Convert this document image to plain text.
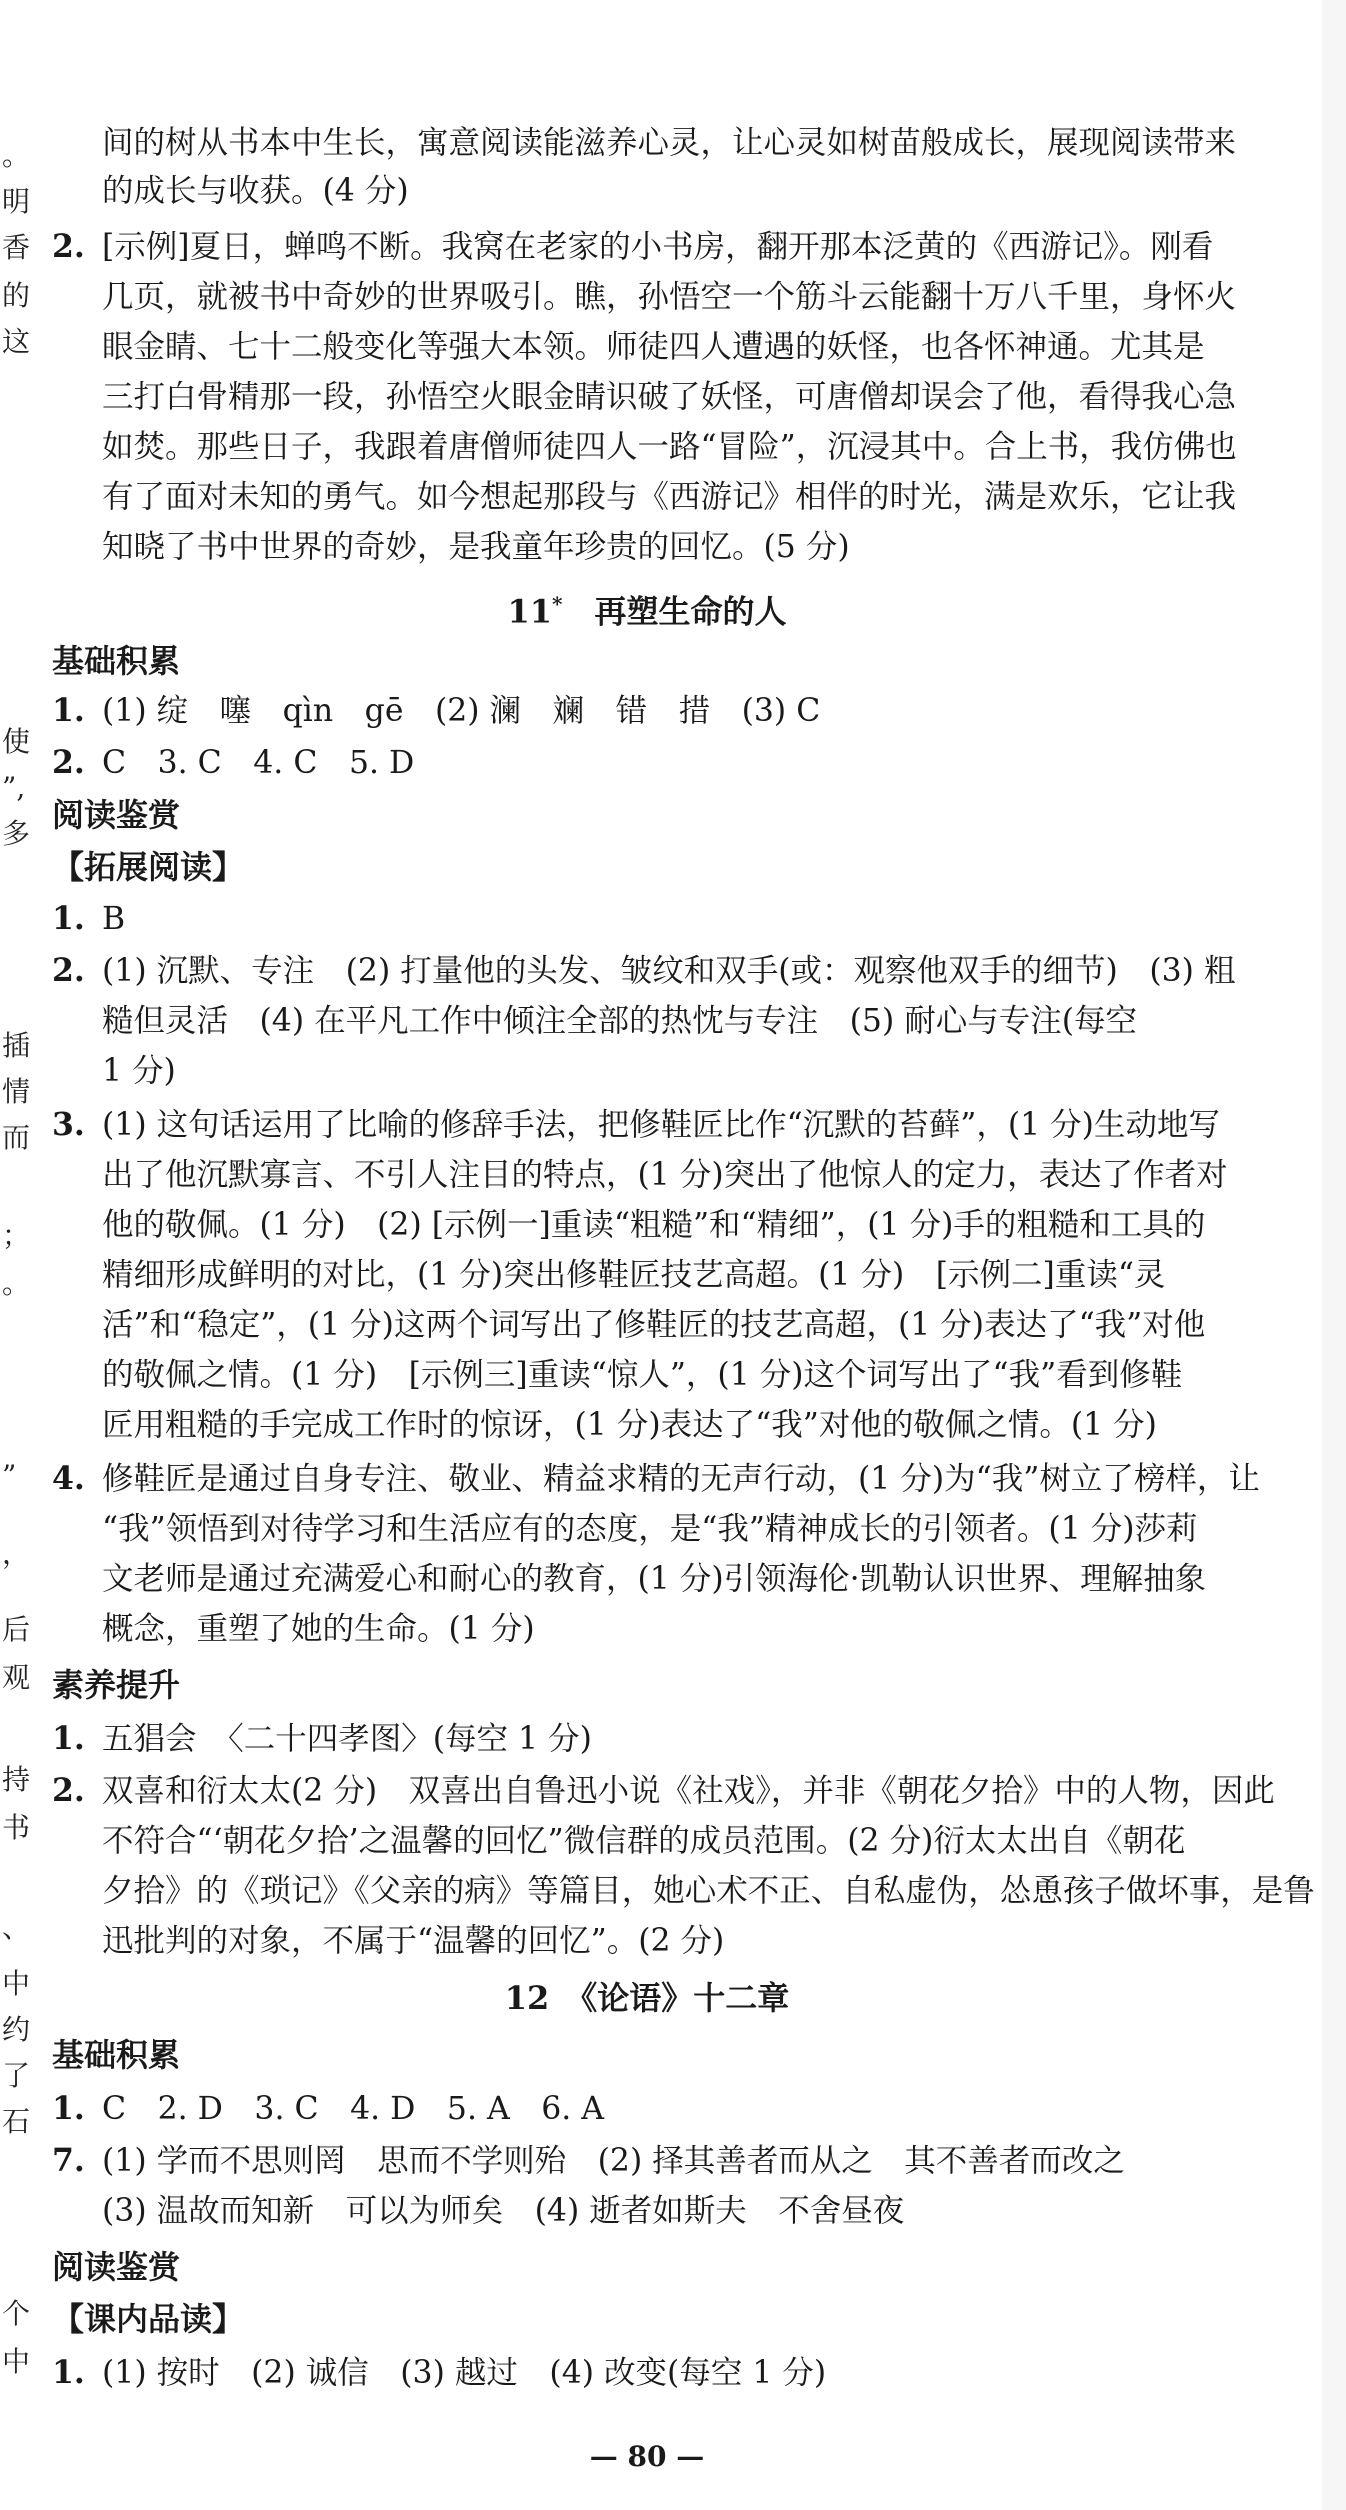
。
明
香
的
这
使
”,
多
插
情
而
；
。
”
，
后
观
持
书
、
中
约
了
石
个
中
间的树从书本中生长，寓意阅读能滋养心灵，让心灵如树苗般成长，展现阅读带来
的成长与收获。(4 分)
2. [示例]夏日，蝉鸣不断。我窝在老家的小书房，翻开那本泛黄的《西游记》。刚看
几页，就被书中奇妙的世界吸引。瞧，孙悟空一个筋斗云能翻十万八千里，身怀火
眼金睛、七十二般变化等强大本领。师徒四人遭遇的妖怪，也各怀神通。尤其是
三打白骨精那一段，孙悟空火眼金睛识破了妖怪，可唐僧却误会了他，看得我心急
如焚。那些日子，我跟着唐僧师徒四人一路“冒险”，沉浸其中。合上书，我仿佛也
有了面对未知的勇气。如今想起那段与《西游记》相伴的时光，满是欢乐，它让我
知晓了书中世界的奇妙，是我童年珍贵的回忆。(5 分)
11*　 再塑生命的人
基础积累
1. (1) 绽　噻　qìn　gē　(2) 澜　斓　错　措　(3) C
2. C　3. C　4. C　5. D
阅读鉴赏
【拓展阅读】
1. B
2. (1) 沉默、专注　(2) 打量他的头发、皱纹和双手(或：观察他双手的细节)　(3) 粗
糙但灵活　(4) 在平凡工作中倾注全部的热忱与专注　(5) 耐心与专注(每空
1 分)
3. (1) 这句话运用了比喻的修辞手法，把修鞋匠比作“沉默的苔藓”，(1 分)生动地写
出了他沉默寡言、不引人注目的特点，(1 分)突出了他惊人的定力，表达了作者对
他的敬佩。(1 分)　(2) [示例一]重读“粗糙”和“精细”，(1 分)手的粗糙和工具的
精细形成鲜明的对比，(1 分)突出修鞋匠技艺高超。(1 分)　[示例二]重读“灵
活”和“稳定”，(1 分)这两个词写出了修鞋匠的技艺高超，(1 分)表达了“我”对他
的敬佩之情。(1 分)　[示例三]重读“惊人”，(1 分)这个词写出了“我”看到修鞋
匠用粗糙的手完成工作时的惊讶，(1 分)表达了“我”对他的敬佩之情。(1 分)
4. 修鞋匠是通过自身专注、敬业、精益求精的无声行动，(1 分)为“我”树立了榜样，让
“我”领悟到对待学习和生活应有的态度，是“我”精神成长的引领者。(1 分)莎莉
文老师是通过充满爱心和耐心的教育，(1 分)引领海伦·凯勒认识世界、理解抽象
概念，重塑了她的生命。(1 分)
素养提升
1. 五猖会　〈二十四孝图〉(每空 1 分)
2. 双喜和衍太太(2 分)　双喜出自鲁迅小说《社戏》，并非《朝花夕拾》中的人物，因此
不符合“‘朝花夕拾’之温馨的回忆”微信群的成员范围。(2 分)衍太太出自《朝花
夕拾》的《琐记》《父亲的病》等篇目，她心术不正、自私虚伪，怂恿孩子做坏事，是鲁
迅批判的对象，不属于“温馨的回忆”。(2 分)
12　 《论语》十二章
基础积累
1. C　2. D　3. C　4. D　5. A　6. A
7. (1) 学而不思则罔　思而不学则殆　(2) 择其善者而从之　其不善者而改之
(3) 温故而知新　可以为师矣　(4) 逝者如斯夫　不舍昼夜
阅读鉴赏
【课内品读】
1. (1) 按时　(2) 诚信　(3) 越过　(4) 改变(每空 1 分)
— 80 —
